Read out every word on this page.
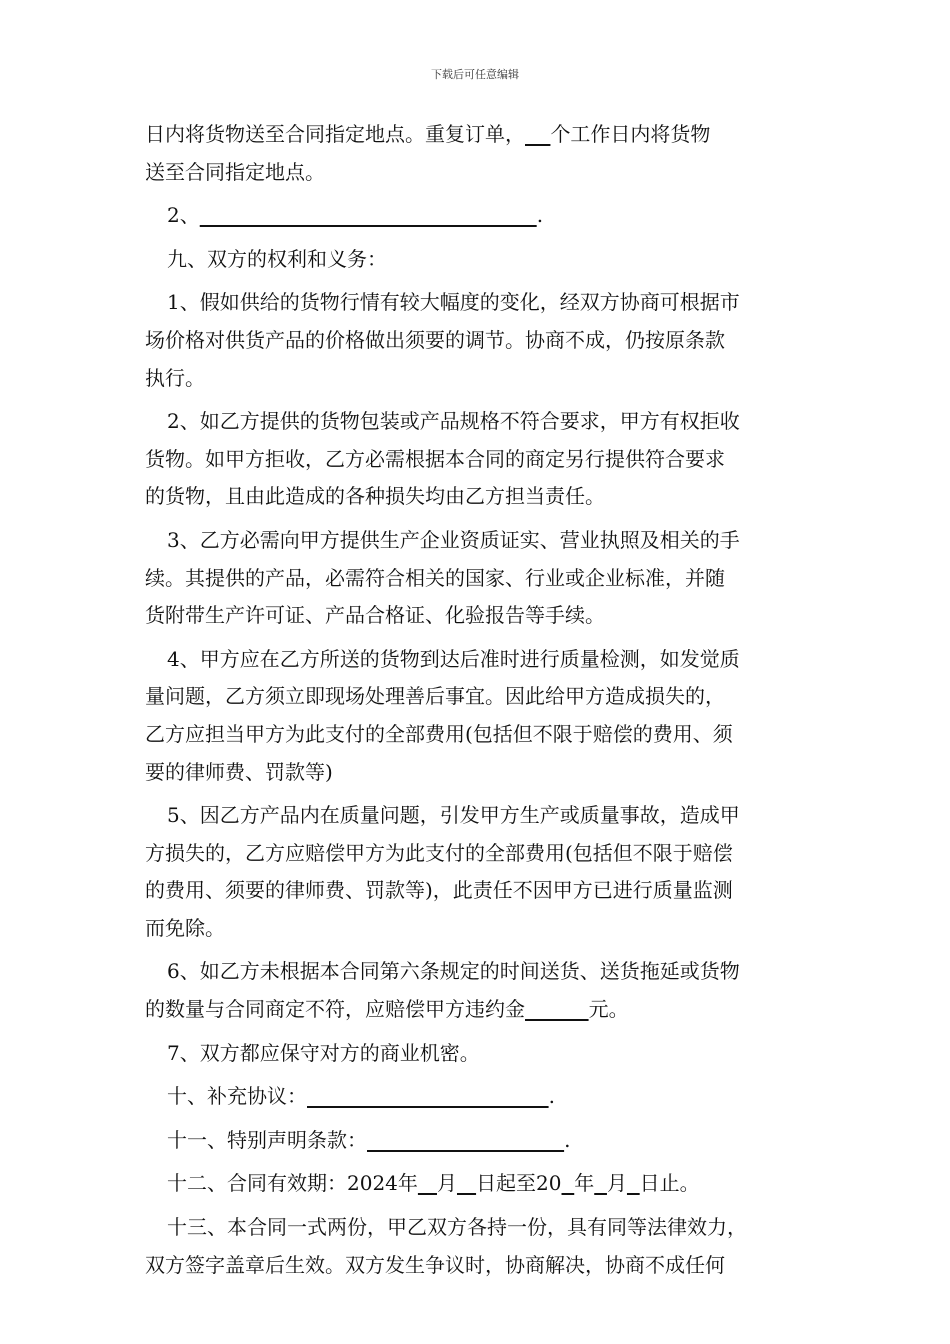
下载后可任意编辑
日内将货物送至合同指定地点。重复订单， 个工作日内将货物
送至合同指定地点。
2、	.
九、双方的权利和义务：
1、假如供给的货物行情有较大幅度的变化，经双方协商可根据市
场价格对供货产品的价格做出须要的调节。协商不成，仍按原条款
执行。
2、如乙方提供的货物包装或产品规格不符合要求，甲方有权拒收
货物。如甲方拒收，乙方必需根据本合同的商定另行提供符合要求
的货物，且由此造成的各种损失均由乙方担当责任。
3、乙方必需向甲方提供生产企业资质证实、营业执照及相关的手
续。其提供的产品，必需符合相关的国家、行业或企业标准，并随
货附带生产许可证、产品合格证、化验报告等手续。
4、甲方应在乙方所送的货物到达后准时进行质量检测，如发觉质
量问题，乙方须立即现场处理善后事宜。因此给甲方造成损失的，
乙方应担当甲方为此支付的全部费用(包括但不限于赔偿的费用、须
要的律师费、罚款等)
5、因乙方产品内在质量问题，引发甲方生产或质量事故，造成甲
方损失的，乙方应赔偿甲方为此支付的全部费用(包括但不限于赔偿
的费用、须要的律师费、罚款等)，此责任不因甲方已进行质量监测
而免除。
6、如乙方未根据本合同第六条规定的时间送货、送货拖延或货物
的数量与合同商定不符，应赔偿甲方违约金	元。
7、双方都应保守对方的商业机密。
十、补充协议：	.
十一、特别声明条款：	.
十二、合同有效期：2024年 月 日起至20 年 月 日止。
十三、本合同一式两份，甲乙双方各持一份，具有同等法律效力，
双方签字盖章后生效。双方发生争议时，协商解决，协商不成任何
